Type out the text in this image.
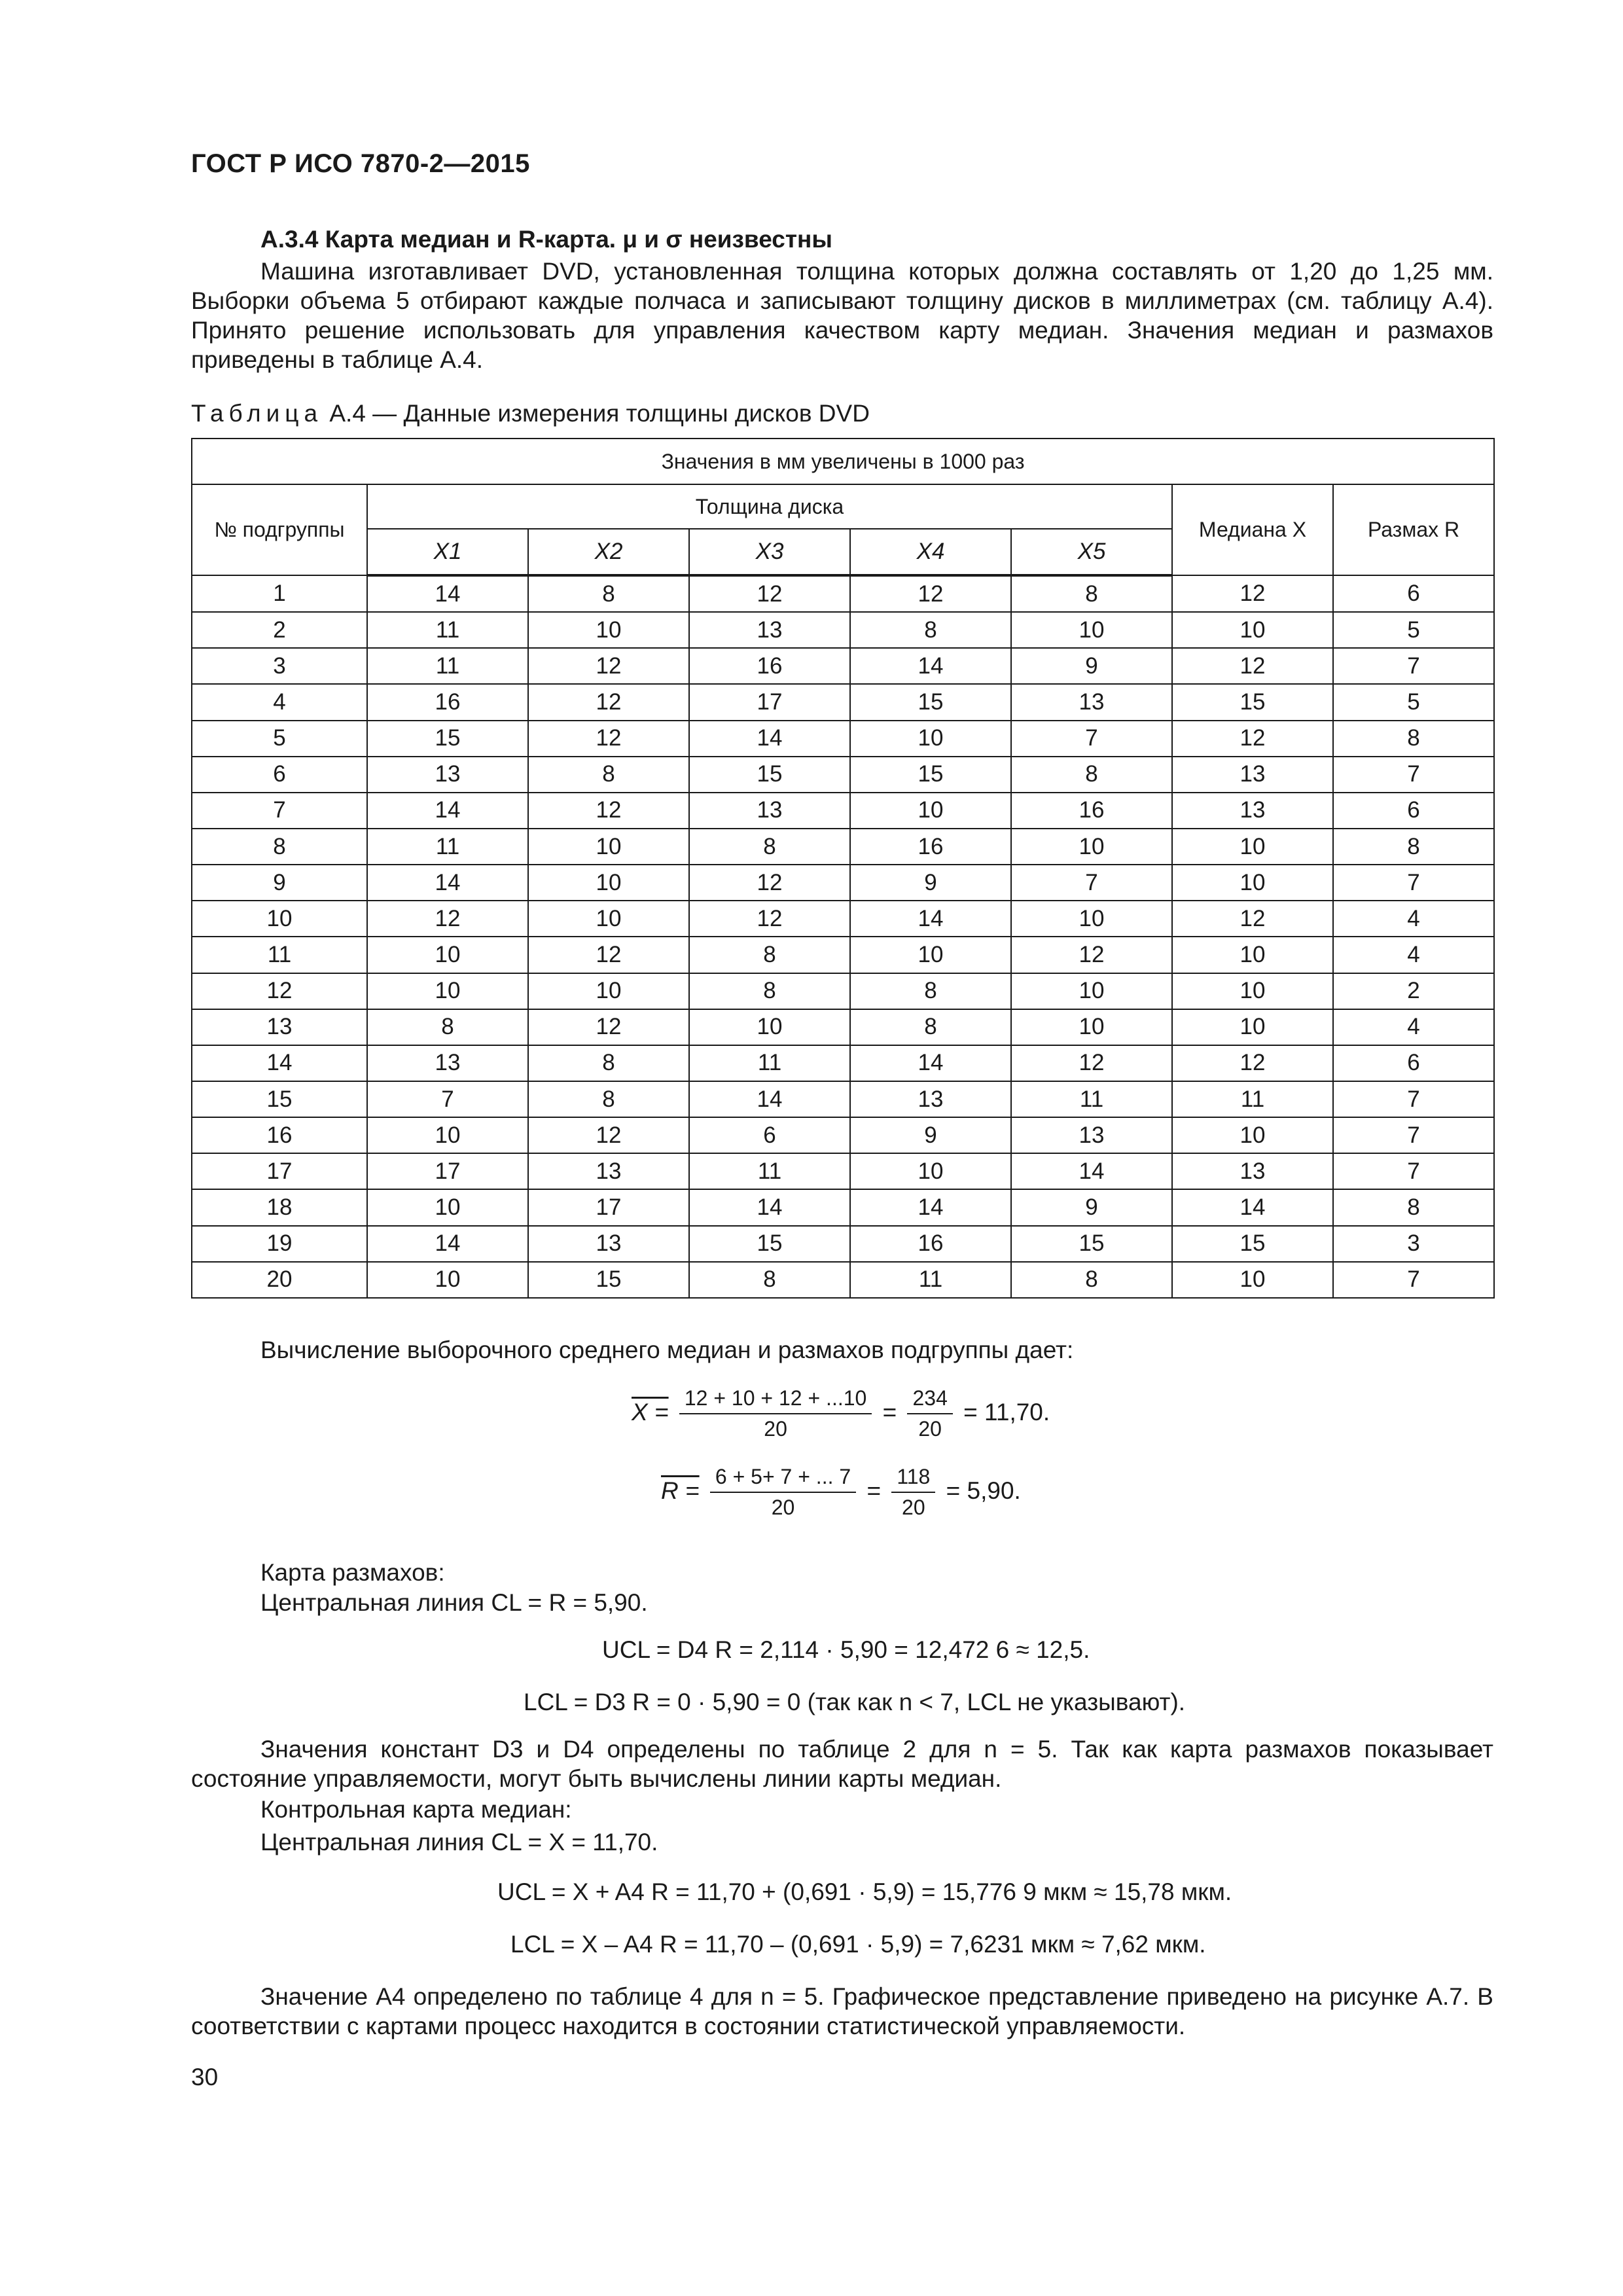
ГОСТ Р ИСО 7870-2—2015
А.3.4 Карта медиан и R-карта. μ и σ неизвестны
Машина изготавливает DVD, установленная толщина которых должна составлять от 1,20 до 1,25 мм. Выборки объема 5 отбирают каждые полчаса и записывают толщину дисков в миллиметрах (см. таблицу А.4). Принято решение использовать для управления качеством карту медиан. Значения медиан и размахов приведены в таблице А.4.
Таблица А.4 — Данные измерения толщины дисков DVD
Значения в мм увеличены в 1000 раз							
№ подгруппы	Толщина диска					Медиана X	Размах R
	X1	X2	X3	X4	X5		
1	14	8	12	12	8	12	6
2	11	10	13	8	10	10	5
3	11	12	16	14	9	12	7
4	16	12	17	15	13	15	5
5	15	12	14	10	7	12	8
6	13	8	15	15	8	13	7
7	14	12	13	10	16	13	6
8	11	10	8	16	10	10	8
9	14	10	12	9	7	10	7
10	12	10	12	14	10	12	4
11	10	12	8	10	12	10	4
12	10	10	8	8	10	10	2
13	8	12	10	8	10	10	4
14	13	8	11	14	12	12	6
15	7	8	14	13	11	11	7
16	10	12	6	9	13	10	7
17	17	13	11	10	14	13	7
18	10	17	14	14	9	14	8
19	14	13	15	16	15	15	3
20	10	15	8	11	8	10	7
Вычисление выборочного среднего медиан и размахов подгруппы дает:
$X = \frac{12 + 10 + 12 + ...10}{20} = \frac{234}{20} = 11,70$.
$R = \frac{6 + 5+ 7 + ... 7}{20} = \frac{118}{20} = 5,90$.
Карта размахов:
Центральная линия CL = R = 5,90.
UCL = D4 R = 2,114 · 5,90 = 12,472 6 ≈ 12,5.
LCL = D3 R = 0 · 5,90 = 0 (так как n < 7, LCL не указывают).
Значения констант D3 и D4 определены по таблице 2 для n = 5. Так как карта размахов показывает состояние управляемости, могут быть вычислены линии карты медиан.
Контрольная карта медиан:
Центральная линия CL = X = 11,70.
UCL = X + A4 R = 11,70 + (0,691 · 5,9) = 15,776 9 мкм ≈ 15,78 мкм.
LCL = X – A4 R = 11,70 – (0,691 · 5,9) = 7,6231 мкм ≈ 7,62 мкм.
Значение A4 определено по таблице 4 для n = 5. Графическое представление приведено на рисунке А.7. В соответствии с картами процесс находится в состоянии статистической управляемости.
30
